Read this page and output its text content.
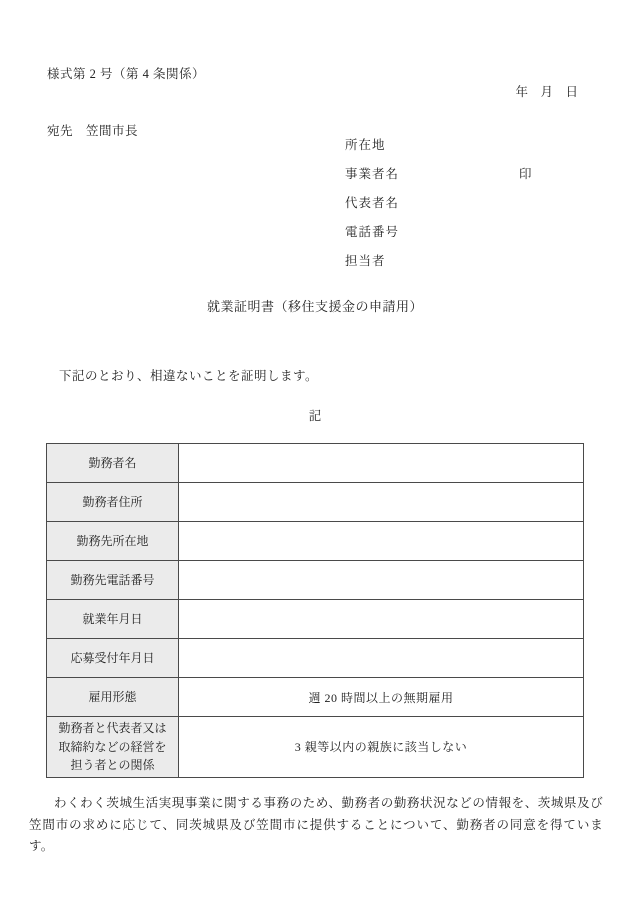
様式第 2 号（第 4 条関係）
年　月　日
宛先　笠間市長
所在地
事業者名
代表者名
電話番号
担当者
印
就業証明書（移住支援金の申請用）
下記のとおり、相違ないことを証明します。
記
勤務者名	
勤務者住所	
勤務先所在地	
勤務先電話番号	
就業年月日	
応募受付年月日	
雇用形態	週 20 時間以上の無期雇用
勤務者と代表者又は取締約などの経営を担う者との関係	3 親等以内の親族に該当しない
わくわく茨城生活実現事業に関する事務のため、勤務者の勤務状況などの情報を、茨城県及び笠間市の求めに応じて、同茨城県及び笠間市に提供することについて、勤務者の同意を得ています。
